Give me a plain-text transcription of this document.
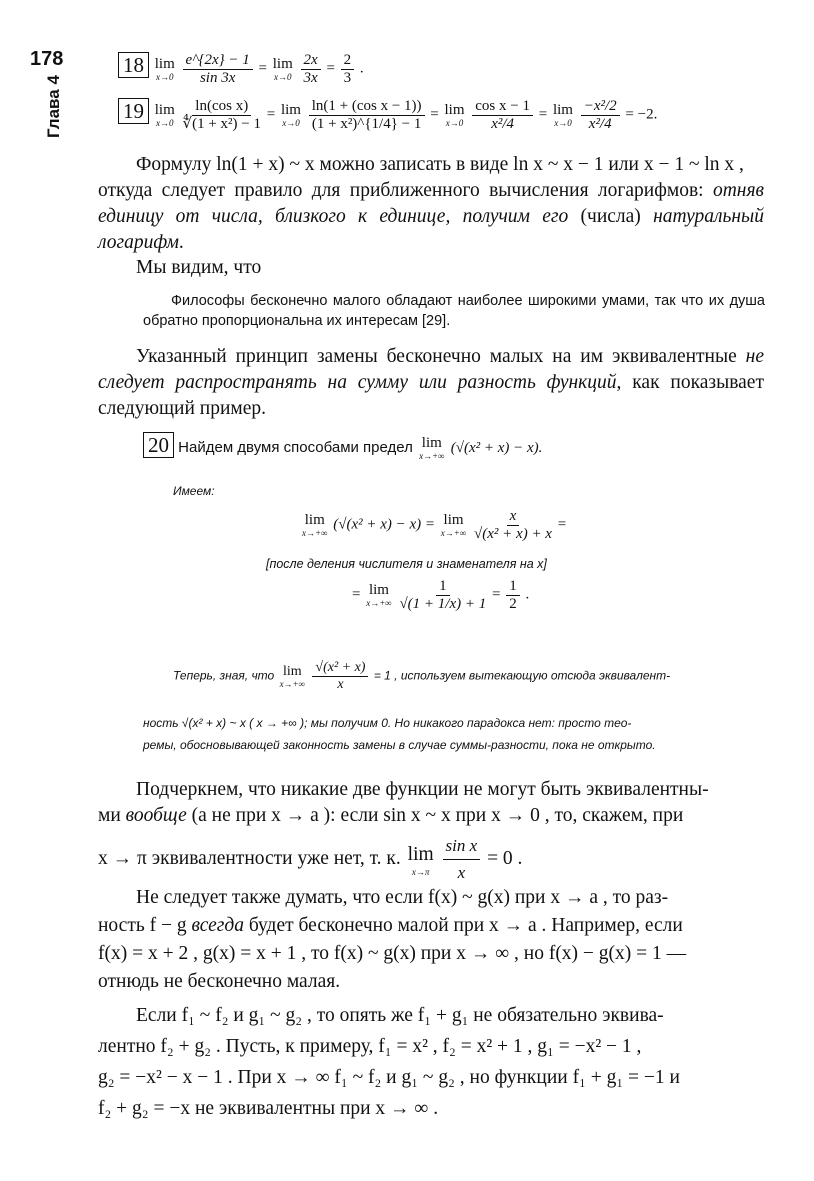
178
Глава 4
18 lim
x→0
$\frac{e\^{}\{2x\} - 1}{\sin 3x} = \lim$
x→0
$\frac{2x}{3x} = \frac{2}{3}$ .
19 lim
x→0
$\frac{\text{ln(cos x)}}{\text{∜(1 + x²) − 1}} = \lim$
x→0
$\frac{\text{ln(1 + (cos x − 1))}}{\text{(1 + x²)\textasciicircum{}\{1/4\} − 1}} = \lim$
x→0
$\frac{\text{cos x − 1}}{\text{x²/4}} = \lim$
x→0
$\frac{\text{−x²/2}}{\text{x²/4}} = -2$.
Формулу ln(1 + x) ~ x можно записать в виде ln x ~ x − 1 или x − 1 ~ ln x ,
откуда следует правило для приближенного вычисления логарифмов: отняв единицу от числа, близкого к единице, получим его (числа) натуральный логарифм.
Мы видим, что
Философы бесконечно малого обладают наиболее широкими умами, так что их душа обратно пропорциональна их интересам [29].
Указанный принцип замены бесконечно малых на им эквивалентные не следует распространять на сумму или разность функций, как показывает следующий пример.
20 Найдем двумя способами предел lim
x→+∞
(√(x² + x) − x).
Имеем:
lim
x→+∞
(√(x² + x) − x) = lim
x→+∞
$\frac{x}{\text{√(x² + x) + x}}$ =
[после деления числителя и знаменателя на x]
= lim
x→+∞
$\frac{1}{√(1 + 1/x) + 1} = \frac{1}{2}$ .
Теперь, зная, что lim
x→+∞
$\frac{\text{√(x² + x)}}{x} = 1$ , используем вытекающую отсюда эквивалент-
ность √(x² + x) ~ x ( x → +∞ ); мы получим 0. Но никакого парадокса нет: просто тео-
ремы, обосновывающей законность замены в случае суммы-разности, пока не открыто.
Подчеркнем, что никакие две функции не могут быть эквивалентны-
ми вообще (а не при x → a ): если sin x ~ x при x → 0 , то, скажем, при
x → π эквивалентности уже нет, т. к. lim
x→π
$\frac{\text{sin x}}{x} = 0$ .
Не следует также думать, что если f(x) ~ g(x) при x → a , то раз-
ность f − g всегда будет бесконечно малой при x → a . Например, если
f(x) = x + 2 , g(x) = x + 1 , то f(x) ~ g(x) при x → ∞ , но f(x) − g(x) = 1 —
отнюдь не бесконечно малая.
Если f₁ ~ f₂ и g₁ ~ g₂ , то опять же f₁ + g₁ не обязательно эквива-
лентно f₂ + g₂ . Пусть, к примеру, f₁ = x² , f₂ = x² + 1 , g₁ = −x² − 1 ,
g₂ = −x² − x − 1 . При x → ∞ f₁ ~ f₂ и g₁ ~ g₂ , но функции f₁ + g₁ = −1 и
f₂ + g₂ = −x не эквивалентны при x → ∞ .
